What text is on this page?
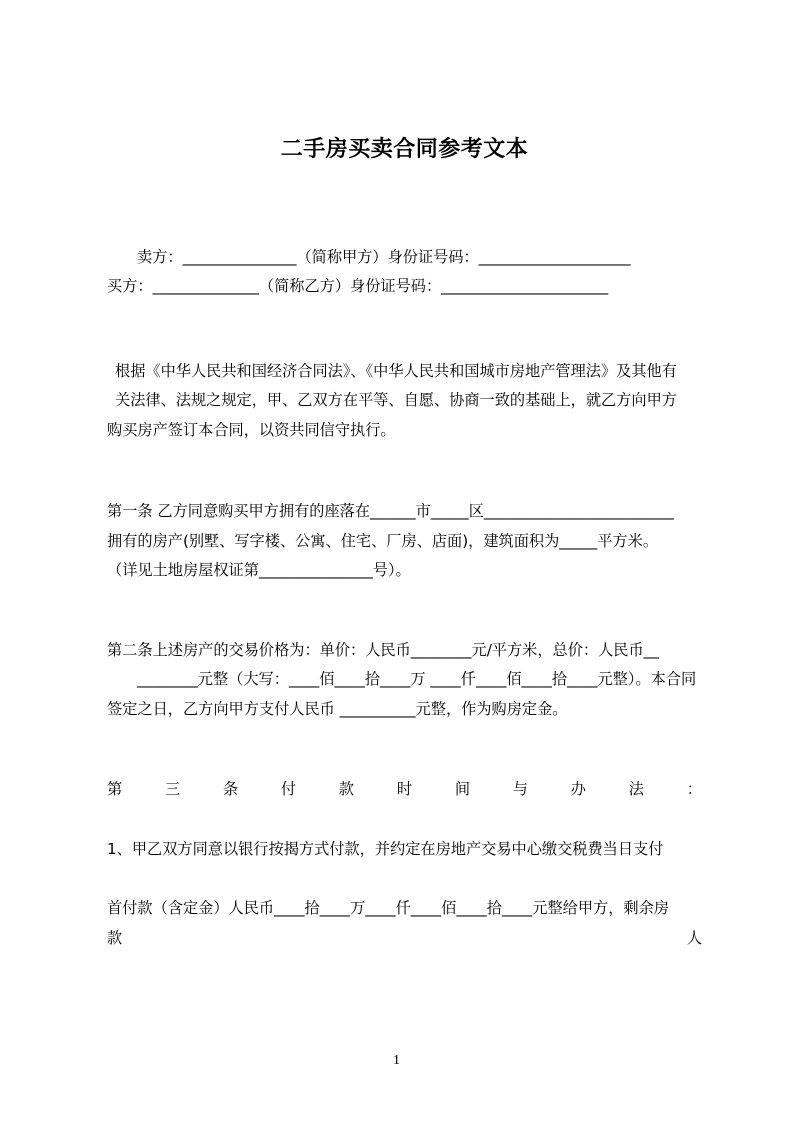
二手房买卖合同参考文本

卖方：_______________（简称甲方）身份证号码：____________________

买方：______________（简称乙方）身份证号码：______________________

根据《中华人民共和国经济合同法》、《中华人民共和国城市房地产管理法》及其他有

关法律、法规之规定，甲、乙双方在平等、自愿、协商一致的基础上，就乙方向甲方

购买房产签订本合同，以资共同信守执行。

第一条 乙方同意购买甲方拥有的座落在______市_____区_________________________

拥有的房产(别墅、写字楼、公寓、住宅、厂房、店面)，建筑面积为_____平方米。

（详见土地房屋权证第_______________号）。

第二条上述房产的交易价格为：单价：人民币________元/平方米，总价：人民币__

________元整（大写：____佰____拾____万 ____仟____佰____拾____元整）。本合同

签定之日，乙方向甲方支付人民币 __________元整，作为购房定金。

第	三	条	付	款	时	间	与	办	法	：

1、甲乙双方同意以银行按揭方式付款，并约定在房地产交易中心缴交税费当日支付

首付款（含定金）人民币____拾____万____仟____佰____拾____元整给甲方，剩余房

款	人
1
